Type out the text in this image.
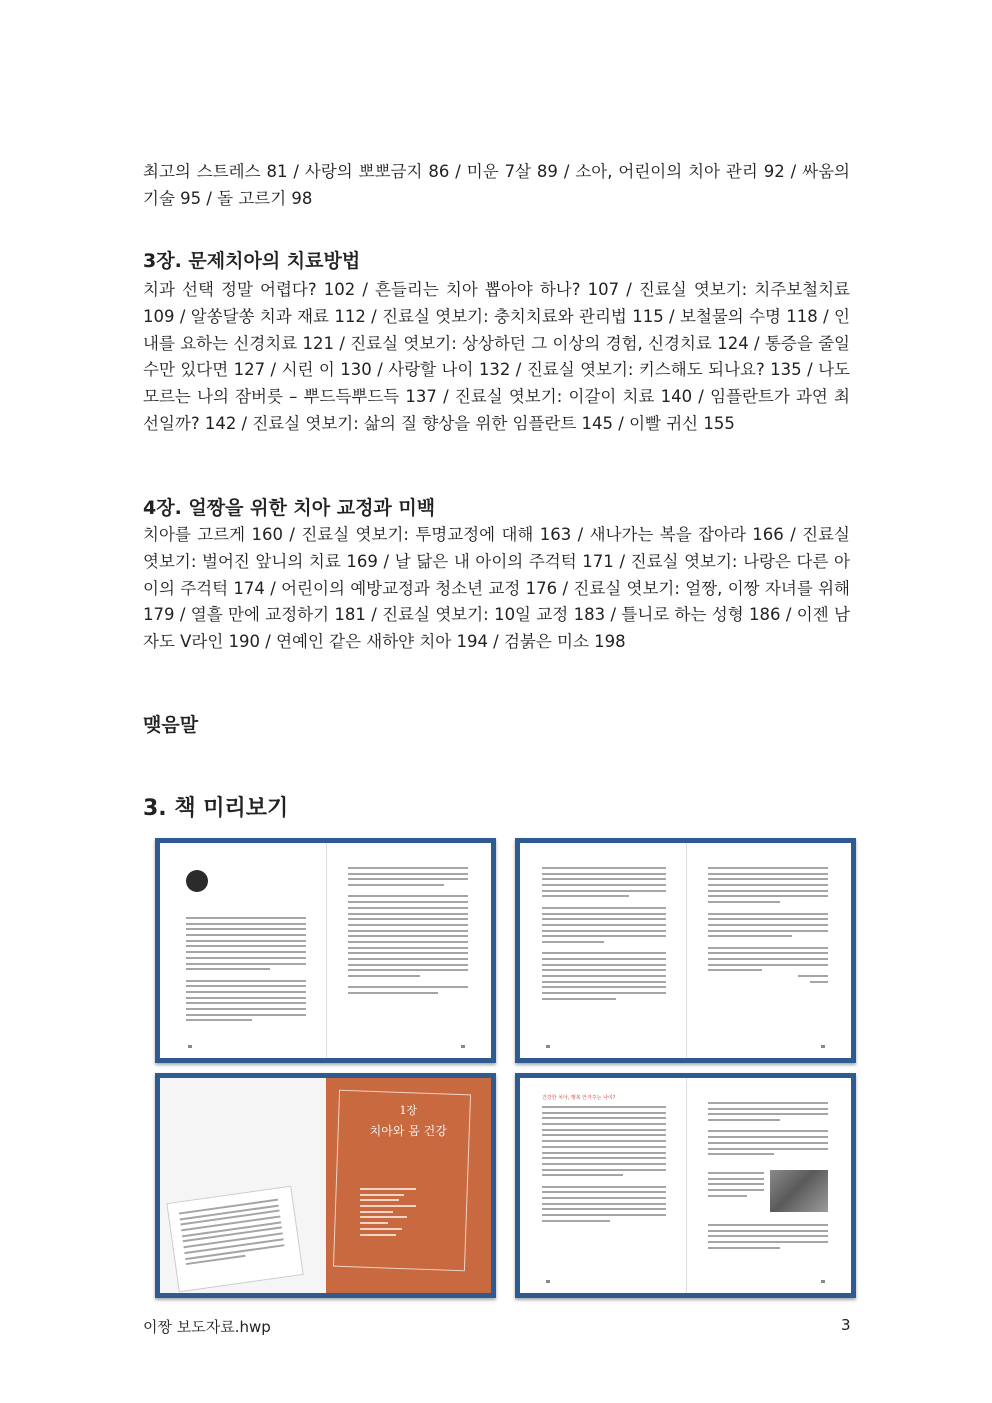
최고의 스트레스 81 / 사랑의 뽀뽀금지 86 / 미운 7살 89 / 소아, 어린이의 치아 관리 92 / 싸움의 기술 95 / 돌 고르기 98

3장. 문제치아의 치료방법

치과 선택 정말 어렵다? 102 / 흔들리는 치아 뽑아야 하나? 107 / 진료실 엿보기: 치주보철치료 109 / 알쏭달쏭 치과 재료 112 / 진료실 엿보기: 충치치료와 관리법 115 / 보철물의 수명 118 / 인내를 요하는 신경치료 121 / 진료실 엿보기: 상상하던 그 이상의 경험, 신경치료 124 / 통증을 줄일 수만 있다면 127 / 시린 이 130 / 사랑할 나이 132 / 진료실 엿보기: 키스해도 되나요? 135 / 나도 모르는 나의 잠버릇 – 뿌드득뿌드득 137 / 진료실 엿보기: 이갈이 치료 140 / 임플란트가 과연 최선일까? 142 / 진료실 엿보기: 삶의 질 향상을 위한 임플란트 145 / 이빨 귀신 155

4장. 얼짱을 위한 치아 교정과 미백

치아를 고르게 160 / 진료실 엿보기: 투명교정에 대해 163 / 새나가는 복을 잡아라 166 / 진료실 엿보기: 벌어진 앞니의 치료 169 / 날 닮은 내 아이의 주걱턱 171 / 진료실 엿보기: 나랑은 다른 아이의 주걱턱 174 / 어린이의 예방교정과 청소년 교정 176 / 진료실 엿보기: 얼짱, 이짱 자녀를 위해 179 / 열흘 만에 교정하기 181 / 진료실 엿보기: 10일 교정 183 / 틀니로 하는 성형 186 / 이젠 남자도 V라인 190 / 연예인 같은 새하얀 치아 194 / 검붉은 미소 198

맺음말

3. 책 미리보기

1장
치아와 몸 건강
건강한 치아, 행복 안겨주는 나이?
이짱 보도자료.hwp	3
